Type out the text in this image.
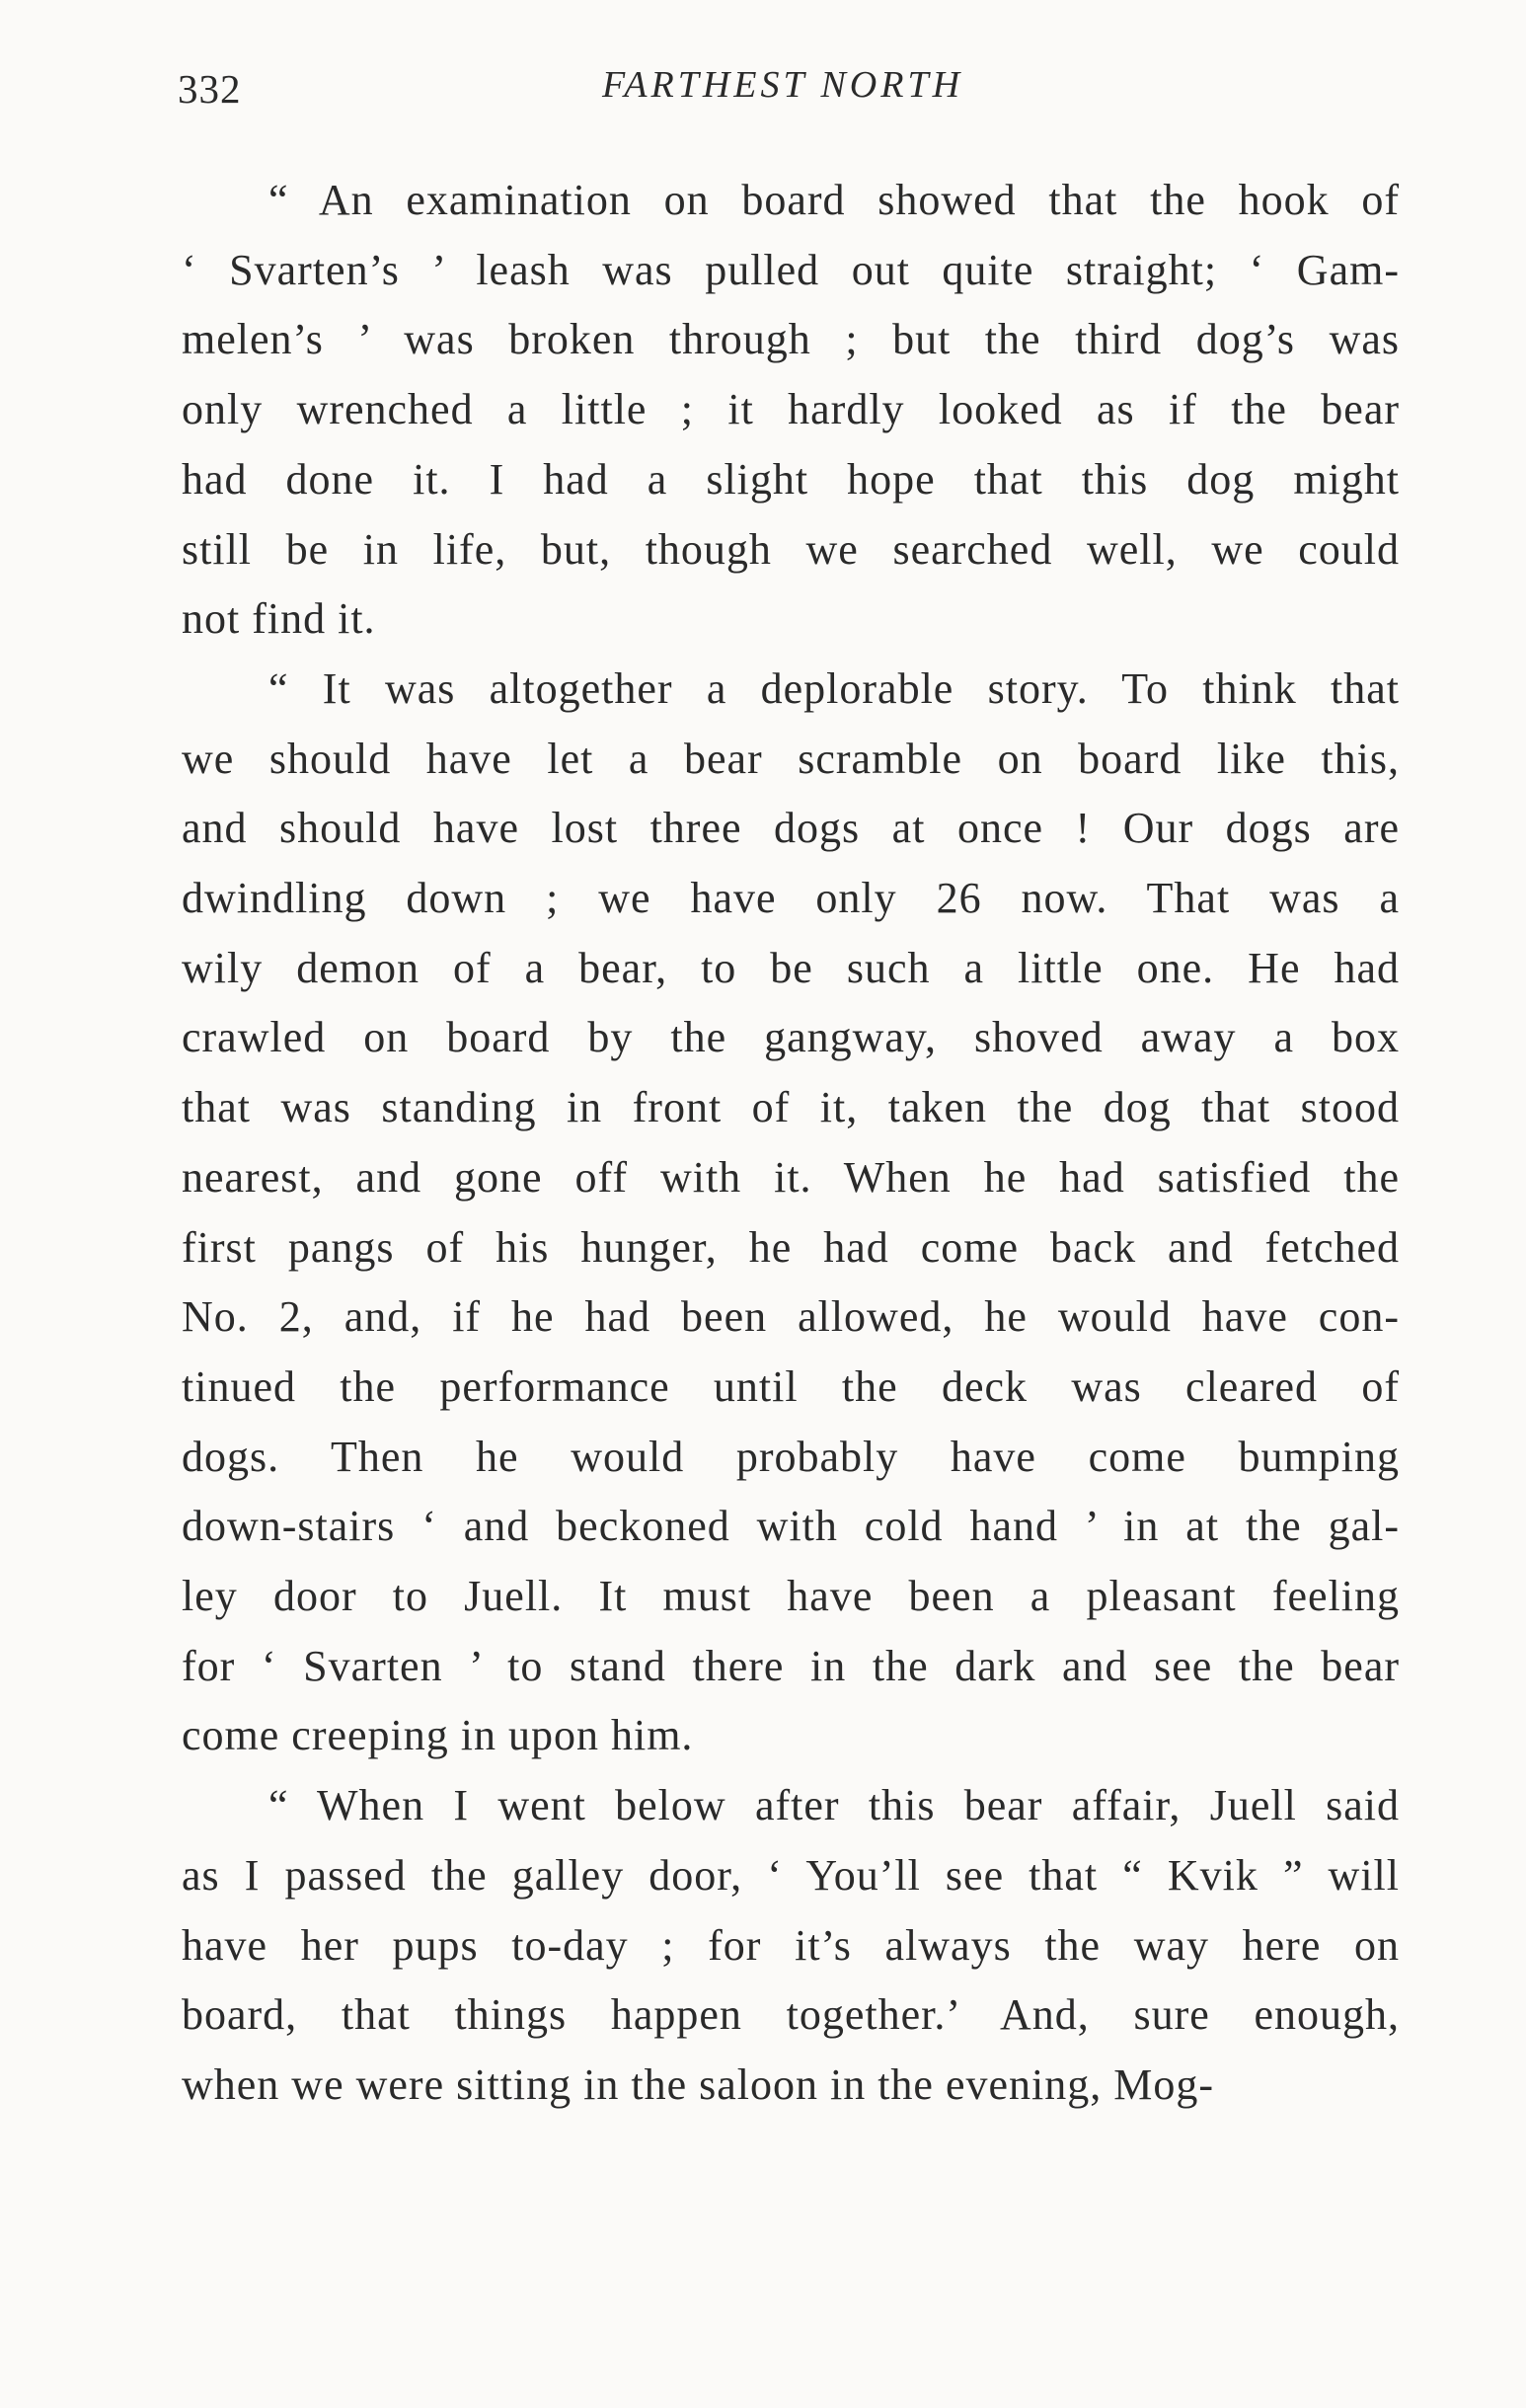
332	FARTHEST NORTH
“ An examination on board showed that the hook of
‘ Svarten’s ’ leash was pulled out quite straight; ‘ Gam-
melen’s ’ was broken through ; but the third dog’s was
only wrenched a little ; it hardly looked as if the bear
had done it. I had a slight hope that this dog might
still be in life, but, though we searched well, we could
not find it.
“ It was altogether a deplorable story. To think that
we should have let a bear scramble on board like this,
and should have lost three dogs at once ! Our dogs are
dwindling down ; we have only 26 now. That was a
wily demon of a bear, to be such a little one. He had
crawled on board by the gangway, shoved away a box
that was standing in front of it, taken the dog that stood
nearest, and gone off with it. When he had satisfied the
first pangs of his hunger, he had come back and fetched
No. 2, and, if he had been allowed, he would have con-
tinued the performance until the deck was cleared of
dogs. Then he would probably have come bumping
down-stairs ‘ and beckoned with cold hand ’ in at the gal-
ley door to Juell. It must have been a pleasant feeling
for ‘ Svarten ’ to stand there in the dark and see the bear
come creeping in upon him.
“ When I went below after this bear affair, Juell said
as I passed the galley door, ‘ You’ll see that “ Kvik ” will
have her pups to-day ; for it’s always the way here on
board, that things happen together.’ And, sure enough,
when we were sitting in the saloon in the evening, Mog-
